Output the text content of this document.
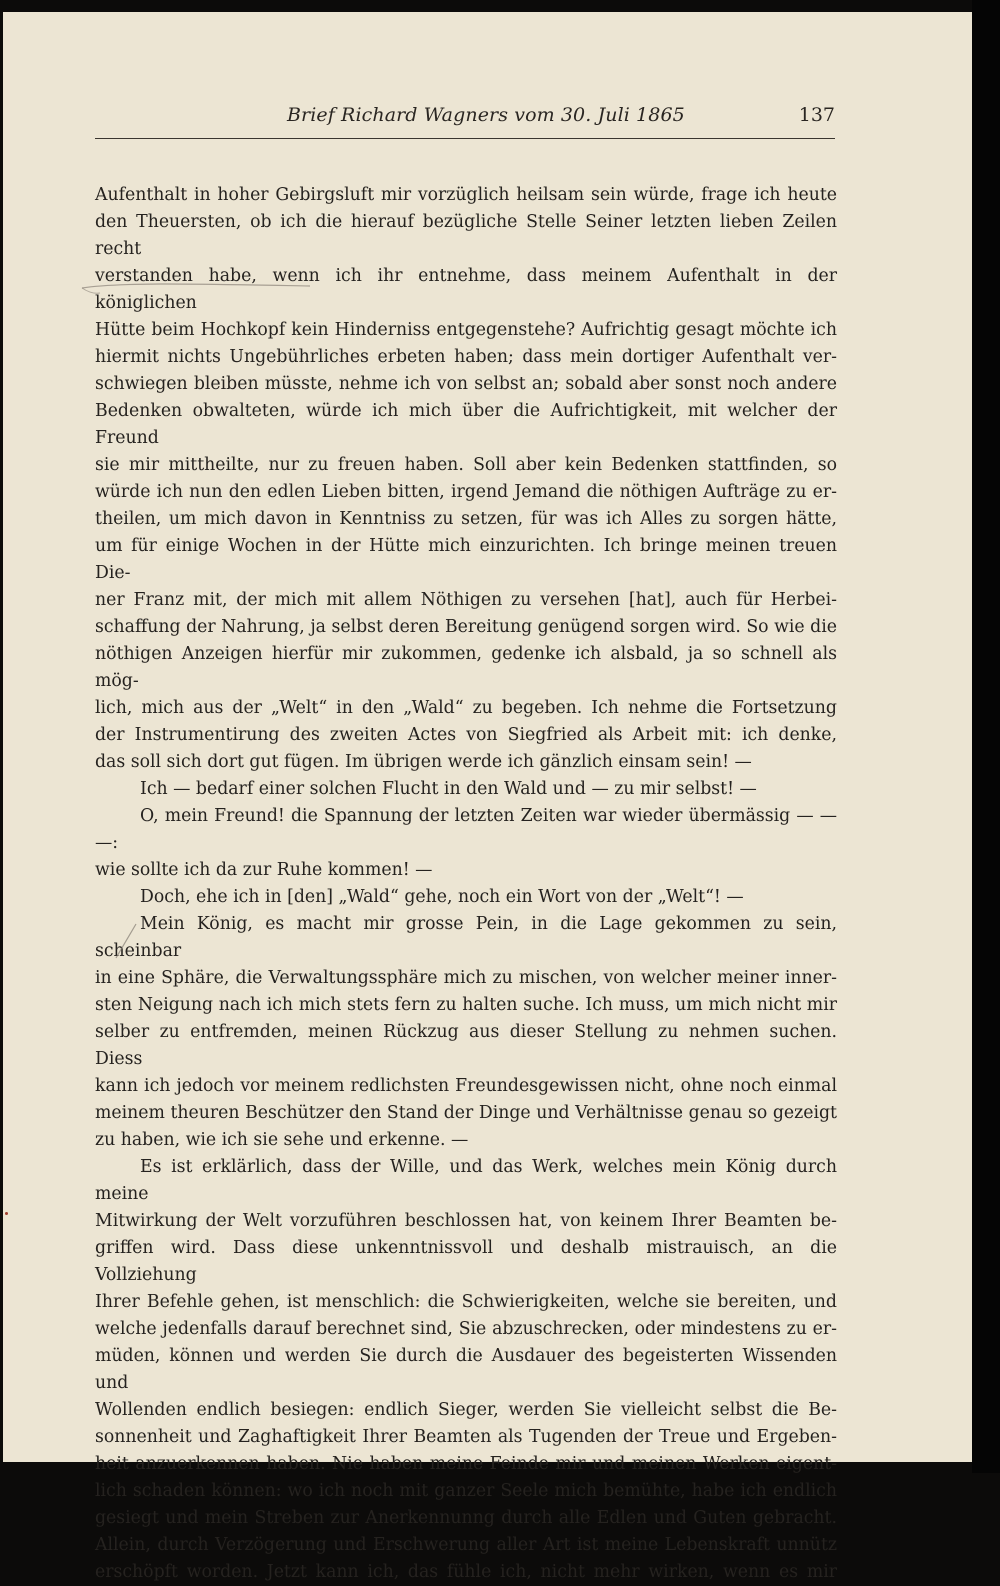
Brief Richard Wagners vom 30. Juli 1865	137

Aufenthalt in hoher Gebirgsluft mir vorzüglich heilsam sein würde, frage ich heute

den Theuersten, ob ich die hierauf bezügliche Stelle Seiner letzten lieben Zeilen recht

verstanden habe, wenn ich ihr entnehme, dass meinem Aufenthalt in der königlichen

Hütte beim Hochkopf kein Hinderniss entgegenstehe? Aufrichtig gesagt möchte ich

hiermit nichts Ungebührliches erbeten haben; dass mein dortiger Aufenthalt ver-

schwiegen bleiben müsste, nehme ich von selbst an; sobald aber sonst noch andere

Bedenken obwalteten, würde ich mich über die Aufrichtigkeit, mit welcher der Freund

sie mir mittheilte, nur zu freuen haben. Soll aber kein Bedenken stattfinden, so

würde ich nun den edlen Lieben bitten, irgend Jemand die nöthigen Aufträge zu er-

theilen, um mich davon in Kenntniss zu setzen, für was ich Alles zu sorgen hätte,

um für einige Wochen in der Hütte mich einzurichten. Ich bringe meinen treuen Die-

ner Franz mit, der mich mit allem Nöthigen zu versehen [hat], auch für Herbei-

schaffung der Nahrung, ja selbst deren Bereitung genügend sorgen wird. So wie die

nöthigen Anzeigen hierfür mir zukommen, gedenke ich alsbald, ja so schnell als mög-

lich, mich aus der „Welt“ in den „Wald“ zu begeben. Ich nehme die Fortsetzung

der Instrumentirung des zweiten Actes von Siegfried als Arbeit mit: ich denke,

das soll sich dort gut fügen. Im übrigen werde ich gänzlich einsam sein! —

Ich — bedarf einer solchen Flucht in den Wald und — zu mir selbst! —

O, mein Freund! die Spannung der letzten Zeiten war wieder übermässig — — —:

wie sollte ich da zur Ruhe kommen! —

Doch, ehe ich in [den] „Wald“ gehe, noch ein Wort von der „Welt“! —

Mein König, es macht mir grosse Pein, in die Lage gekommen zu sein, scheinbar

in eine Sphäre, die Verwaltungssphäre mich zu mischen, von welcher meiner inner-

sten Neigung nach ich mich stets fern zu halten suche. Ich muss, um mich nicht mir

selber zu entfremden, meinen Rückzug aus dieser Stellung zu nehmen suchen. Diess

kann ich jedoch vor meinem redlichsten Freundesgewissen nicht, ohne noch einmal

meinem theuren Beschützer den Stand der Dinge und Verhältnisse genau so gezeigt

zu haben, wie ich sie sehe und erkenne. —

Es ist erklärlich, dass der Wille, und das Werk, welches mein König durch meine

Mitwirkung der Welt vorzuführen beschlossen hat, von keinem Ihrer Beamten be-

griffen wird. Dass diese unkenntnissvoll und deshalb mistrauisch, an die Vollziehung

Ihrer Befehle gehen, ist menschlich: die Schwierigkeiten, welche sie bereiten, und

welche jedenfalls darauf berechnet sind, Sie abzuschrecken, oder mindestens zu er-

müden, können und werden Sie durch die Ausdauer des begeisterten Wissenden und

Wollenden endlich besiegen: endlich Sieger, werden Sie vielleicht selbst die Be-

sonnenheit und Zaghaftigkeit Ihrer Beamten als Tugenden der Treue und Ergeben-

heit anzuerkennen haben. Nie haben meine Feinde mir und meinen Werken eigent-

lich schaden können: wo ich noch mit ganzer Seele mich bemühte, habe ich endlich

gesiegt und mein Streben zur Anerkennunng durch alle Edlen und Guten gebracht.

Allein, durch Verzögerung und Erschwerung aller Art ist meine Lebenskraft unnütz

erschöpft worden. Jetzt kann ich, das fühle ich, nicht mehr wirken, wenn es mir
